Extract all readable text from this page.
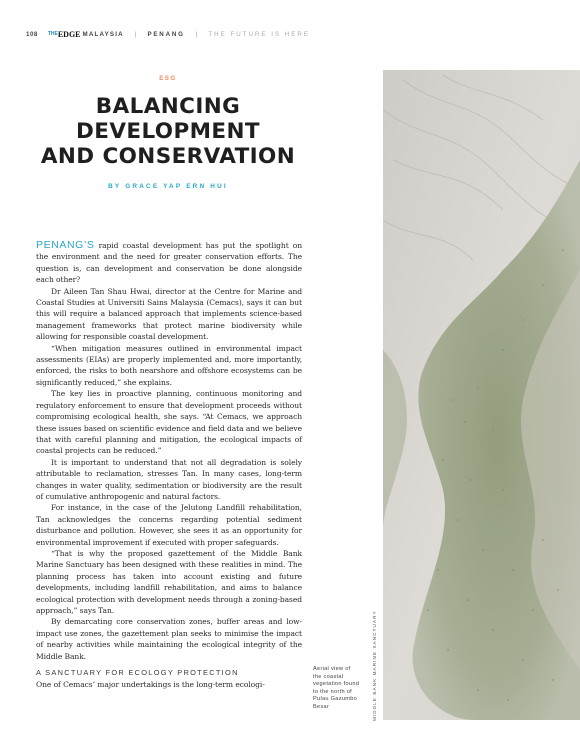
108 THE EDGE MALAYSIA | PENANG | THE FUTURE IS HERE
ESG
BALANCING
DEVELOPMENT
AND CONSERVATION
BY GRACE YAP ERN HUI

PENANG’S rapid coastal development has put the spotlight on the environment and the need for greater conservation efforts. The question is, can development and conservation be done alongside each other?

Dr Aileen Tan Shau Hwai, director at the Centre for Marine and Coastal Studies at Universiti Sains Malaysia (Cemacs), says it can but this will require a balanced approach that implements science-based management frameworks that protect marine biodiversity while allowing for responsible coastal development.

“When mitigation measures outlined in environmental impact assessments (EIAs) are properly implemented and, more importantly, enforced, the risks to both nearshore and offshore ecosystems can be significantly reduced,” she explains.

The key lies in proactive planning, continuous monitoring and regulatory enforcement to ensure that development proceeds without compromising ecological health, she says. “At Cemacs, we approach these issues based on scientific evidence and field data and we believe that with careful planning and mitigation, the ecological impacts of coastal projects can be reduced.”

It is important to understand that not all degradation is solely attributable to reclamation, stresses Tan. In many cases, long-term changes in water quality, sedimentation or biodiversity are the result of cumulative anthropogenic and natural factors.

For instance, in the case of the Jelutong Landfill rehabilitation, Tan acknowledges the concerns regarding potential sediment disturbance and pollution. However, she sees it as an opportunity for environmental improvement if executed with proper safeguards.

“That is why the proposed gazettement of the Middle Bank Marine Sanctuary has been designed with these realities in mind. The planning process has taken into account existing and future developments, including landfill rehabilitation, and aims to balance ecological protection with development needs through a zoning-based approach,” says Tan.

By demarcating core conservation zones, buffer areas and low-impact use zones, the gazettement plan seeks to minimise the impact of nearby activities while maintaining the ecological integrity of the Middle Bank.

A SANCTUARY FOR ECOLOGY PROTECTION

One of Cemacs’ major undertakings is the long-term ecologi-

Aerial view of
the coastal
vegetation found
to the north of
Pulau Gazumbo
Besar	MIDDLE BANK MARINE SANCTUARY
